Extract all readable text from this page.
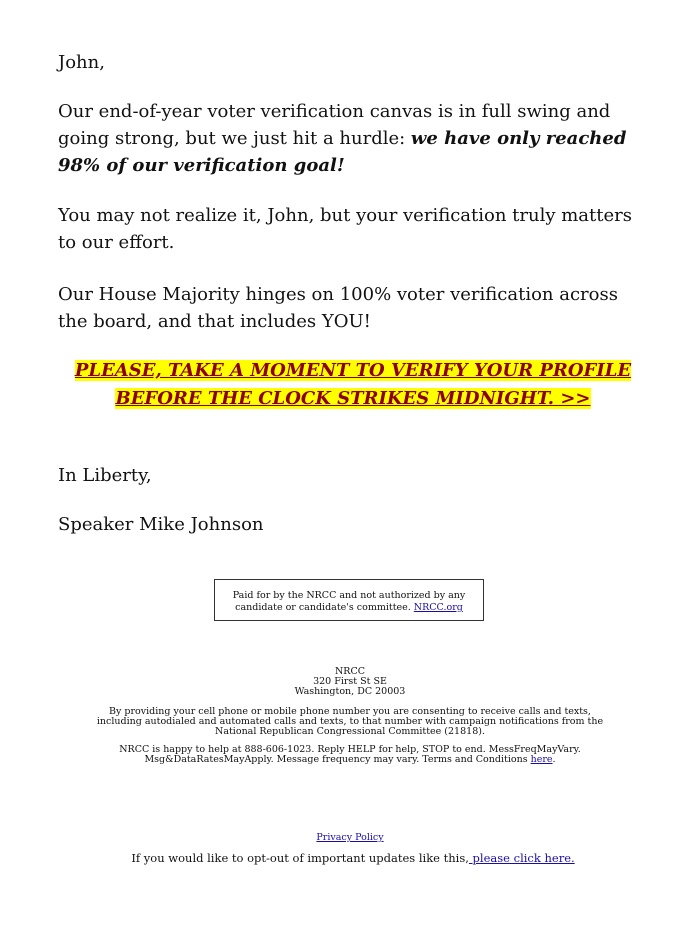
John,

Our end-of-year voter verification canvas is in full swing and going strong, but we just hit a hurdle: we have only reached 98% of our verification goal!

You may not realize it, John, but your verification truly matters to our effort.

Our House Majority hinges on 100% voter verification across the board, and that includes YOU!

PLEASE, TAKE A MOMENT TO VERIFY YOUR PROFILE BEFORE THE CLOCK STRIKES MIDNIGHT. >>

In Liberty,

Speaker Mike Johnson

Paid for by the NRCC and not authorized by any candidate or candidate's committee. NRCC.org
NRCC
320 First St SE
Washington, DC 20003
By providing your cell phone or mobile phone number you are consenting to receive calls and texts, including autodialed and automated calls and texts, to that number with campaign notifications from the National Republican Congressional Committee (21818).
NRCC is happy to help at 888-606-1023. Reply HELP for help, STOP to end. MessFreqMayVary. Msg&DataRatesMayApply. Message frequency may vary. Terms and Conditions here.
Privacy Policy
If you would like to opt-out of important updates like this, please click here.
